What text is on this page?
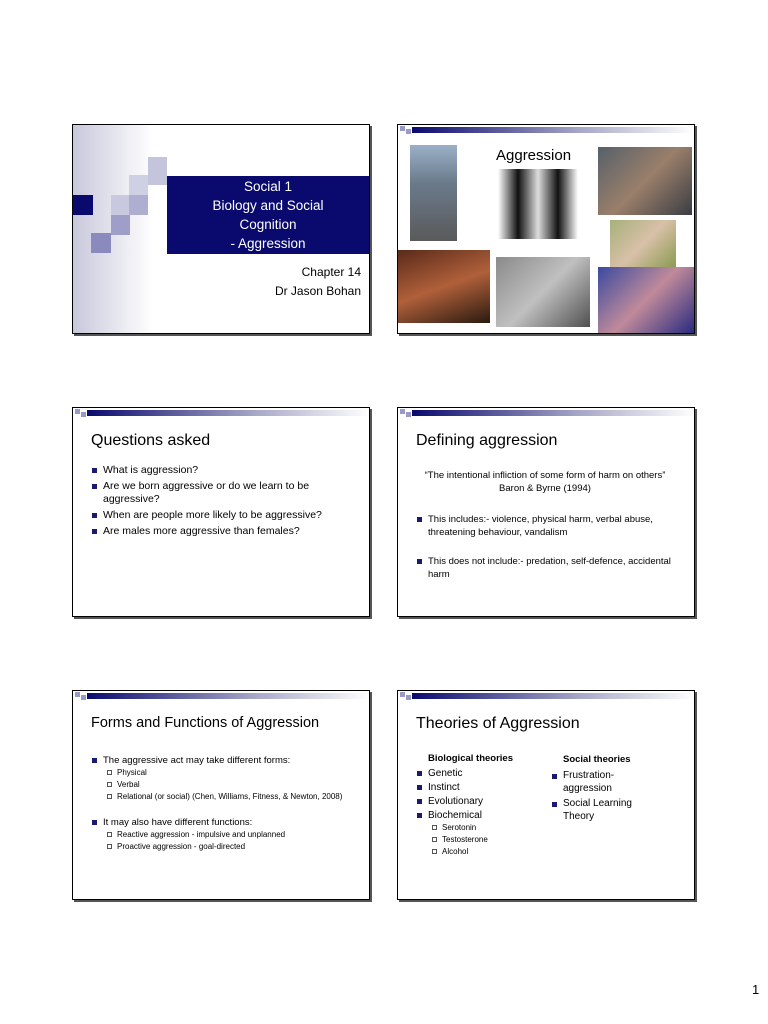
Social 1
Biology and Social
Cognition
- Aggression
Chapter 14
Dr Jason Bohan
Aggression
Questions asked
What is aggression?
Are we born aggressive or do we learn to be aggressive?
When are people more likely to be aggressive?
Are males more aggressive than females?
Defining aggression
“The intentional infliction of some form of harm on others” Baron & Byrne (1994)
This includes:- violence, physical harm, verbal abuse, threatening behaviour, vandalism
This does not include:- predation, self-defence, accidental harm
Forms and Functions of Aggression
The aggressive act may take different forms:
Physical
Verbal
Relational (or social) (Chen, Williams, Fitness, & Newton, 2008)
It may also have different functions:
Reactive aggression - impulsive and unplanned
Proactive aggression - goal-directed
Theories of Aggression
Biological theories
Genetic
Instinct
Evolutionary
Biochemical
Serotonin
Testosterone
Alcohol
Social theories
Frustration-aggression
Social Learning Theory
1
